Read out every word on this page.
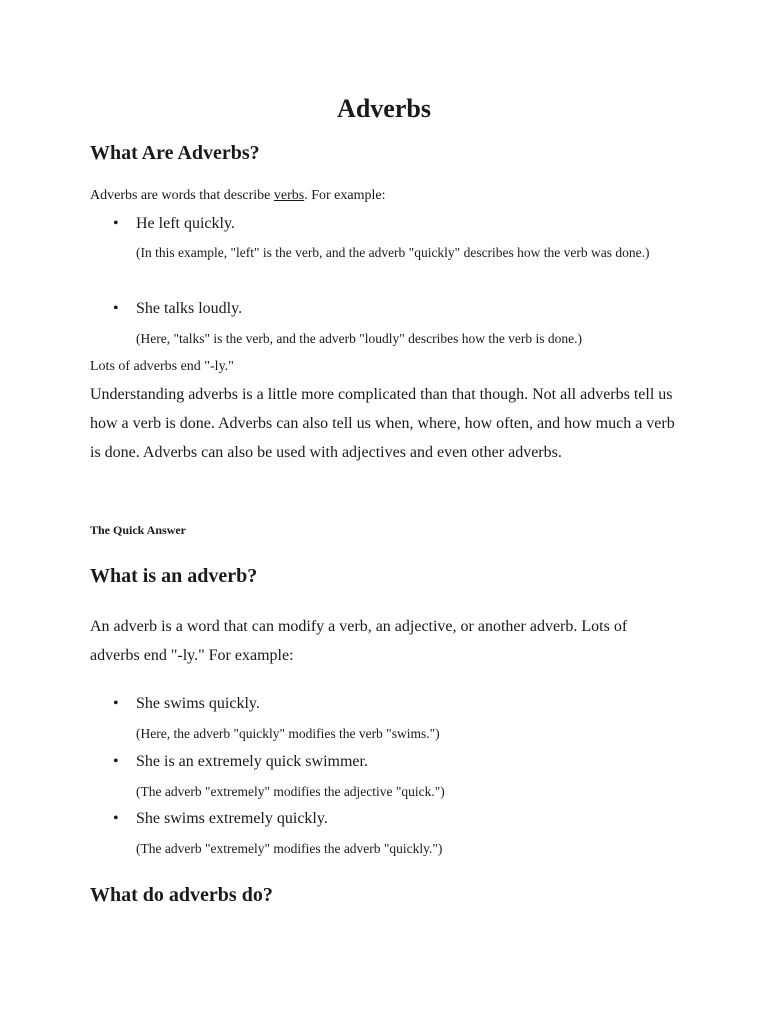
Adverbs
What Are Adverbs?

Adverbs are words that describe verbs. For example:

• He left quickly.

(In this example, "left" is the verb, and the adverb "quickly" describes how the verb was done.)

• She talks loudly.

(Here, "talks" is the verb, and the adverb "loudly" describes how the verb is done.)

Lots of adverbs end "-ly."

Understanding adverbs is a little more complicated than that though. Not all adverbs tell us how a verb is done. Adverbs can also tell us when, where, how often, and how much a verb is done. Adverbs can also be used with adjectives and even other adverbs.

The Quick Answer

What is an adverb?

An adverb is a word that can modify a verb, an adjective, or another adverb. Lots of adverbs end "-ly." For example:

• She swims quickly.

(Here, the adverb "quickly" modifies the verb "swims.")

• She is an extremely quick swimmer.

(The adverb "extremely" modifies the adjective "quick.")

• She swims extremely quickly.

(The adverb "extremely" modifies the adverb "quickly.")

What do adverbs do?
